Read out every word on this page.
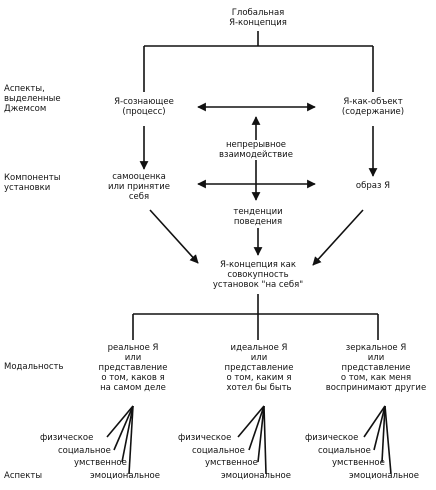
Глобальная
Я-концепция
Аспекты,
выделенные
Джемсом
Компоненты
установки
Модальность
Аспекты
Я-сознающее
(процесс)
Я-как-объект
(содержание)
непрерывное
взаимодействие
самооценка
или принятие
себя
образ Я
тенденции
поведения
Я-концепция как
совокупность
установок "на себя"
реальное Я
или
представление
о том, каков я
на самом деле
идеальное Я
или
представление
о том, каким я
хотел бы быть
зеркальное Я
или
представление
о том, как меня
воспринимают другие
физическое
социальное
умственное
эмоциональное
физическое
социальное
умственное
эмоциональное
физическое
социальное
умственное
эмоциональное
